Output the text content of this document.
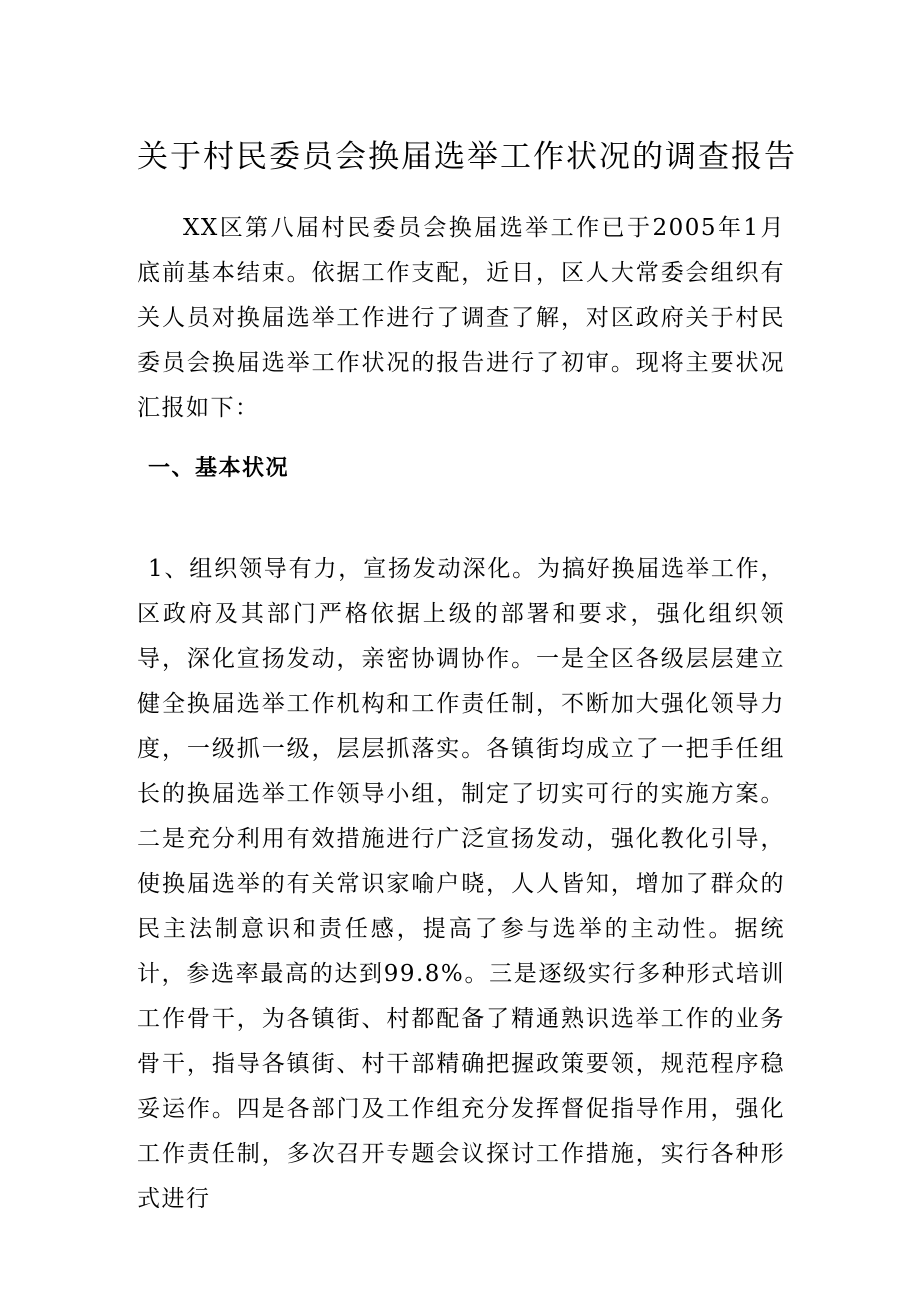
关于村民委员会换届选举工作状况的调查报告

XX区第八届村民委员会换届选举工作已于2005年1月底前基本结束。依据工作支配，近日，区人大常委会组织有关人员对换届选举工作进行了调查了解，对区政府关于村民委员会换届选举工作状况的报告进行了初审。现将主要状况汇报如下：

一、基本状况

1、组织领导有力，宣扬发动深化。为搞好换届选举工作，区政府及其部门严格依据上级的部署和要求，强化组织领导，深化宣扬发动，亲密协调协作。一是全区各级层层建立健全换届选举工作机构和工作责任制，不断加大强化领导力度，一级抓一级，层层抓落实。各镇街均成立了一把手任组长的换届选举工作领导小组，制定了切实可行的实施方案。二是充分利用有效措施进行广泛宣扬发动，强化教化引导，使换届选举的有关常识家喻户晓，人人皆知，增加了群众的民主法制意识和责任感，提高了参与选举的主动性。据统计，参选率最高的达到99.8%。三是逐级实行多种形式培训工作骨干，为各镇街、村都配备了精通熟识选举工作的业务骨干，指导各镇街、村干部精确把握政策要领，规范程序稳妥运作。四是各部门及工作组充分发挥督促指导作用，强化工作责任制，多次召开专题会议探讨工作措施，实行各种形式进行
